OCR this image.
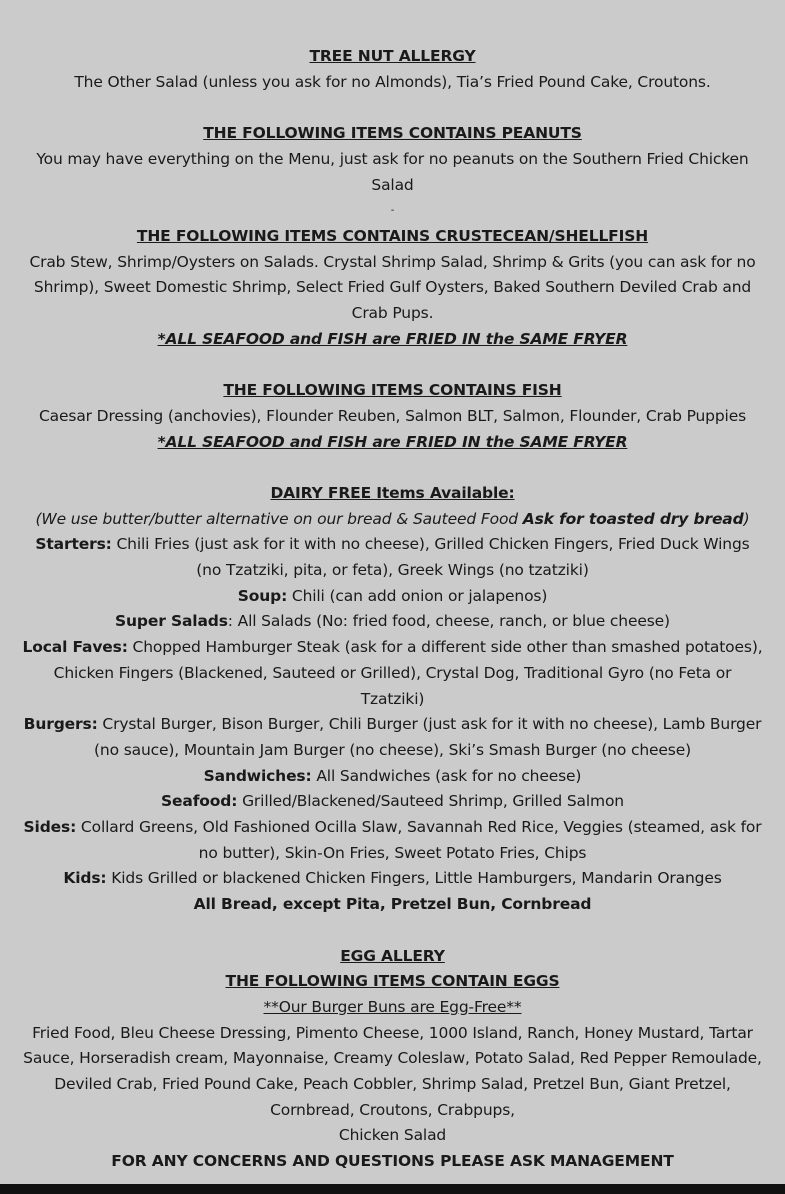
TREE NUT ALLERGY

The Other Salad (unless you ask for no Almonds), Tia’s Fried Pound Cake, Croutons.

THE FOLLOWING ITEMS CONTAINS PEANUTS

You may have everything on the Menu, just ask for no peanuts on the Southern Fried Chicken Salad

-

THE FOLLOWING ITEMS CONTAINS CRUSTECEAN/SHELLFISH

Crab Stew, Shrimp/Oysters on Salads. Crystal Shrimp Salad, Shrimp & Grits (you can ask for no Shrimp), Sweet Domestic Shrimp, Select Fried Gulf Oysters, Baked Southern Deviled Crab and Crab Pups.

*ALL SEAFOOD and FISH are FRIED IN the SAME FRYER

THE FOLLOWING ITEMS CONTAINS FISH

Caesar Dressing (anchovies), Flounder Reuben, Salmon BLT, Salmon, Flounder, Crab Puppies

*ALL SEAFOOD and FISH are FRIED IN the SAME FRYER

DAIRY FREE Items Available:

(We use butter/butter alternative on our bread & Sauteed Food Ask for toasted dry bread)

Starters: Chili Fries (just ask for it with no cheese), Grilled Chicken Fingers, Fried Duck Wings (no Tzatziki, pita, or feta), Greek Wings (no tzatziki)

Soup: Chili (can add onion or jalapenos)

Super Salads: All Salads (No: fried food, cheese, ranch, or blue cheese)

Local Faves: Chopped Hamburger Steak (ask for a different side other than smashed potatoes), Chicken Fingers (Blackened, Sauteed or Grilled), Crystal Dog, Traditional Gyro (no Feta or Tzatziki)

Burgers: Crystal Burger, Bison Burger, Chili Burger (just ask for it with no cheese), Lamb Burger (no sauce), Mountain Jam Burger (no cheese), Ski’s Smash Burger (no cheese)

Sandwiches: All Sandwiches (ask for no cheese)

Seafood: Grilled/Blackened/Sauteed Shrimp, Grilled Salmon

Sides: Collard Greens, Old Fashioned Ocilla Slaw, Savannah Red Rice, Veggies (steamed, ask for no butter), Skin-On Fries, Sweet Potato Fries, Chips

Kids: Kids Grilled or blackened Chicken Fingers, Little Hamburgers, Mandarin Oranges

All Bread, except Pita, Pretzel Bun, Cornbread

EGG ALLERY

THE FOLLOWING ITEMS CONTAIN EGGS

**Our Burger Buns are Egg-Free**

Fried Food, Bleu Cheese Dressing, Pimento Cheese, 1000 Island, Ranch, Honey Mustard, Tartar Sauce, Horseradish cream, Mayonnaise, Creamy Coleslaw, Potato Salad, Red Pepper Remoulade, Deviled Crab, Fried Pound Cake, Peach Cobbler, Shrimp Salad, Pretzel Bun, Giant Pretzel, Cornbread, Croutons, Crabpups,

Chicken Salad

FOR ANY CONCERNS AND QUESTIONS PLEASE ASK MANAGEMENT
